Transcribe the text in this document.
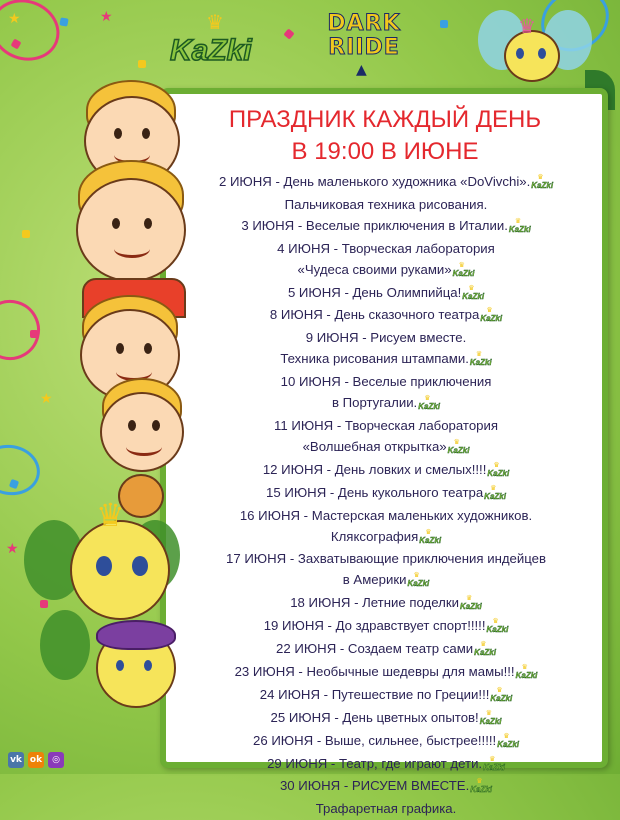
★	★
★
★
♛
KaZki
DARK
RIIDE
▲
♛
ПРАЗДНИК КАЖДЫЙ ДЕНЬ
В 19:00 В ИЮНЕ
2 ИЮНЯ - День маленького художника «DoVivchi».♛ KaZki
Пальчиковая техника рисования.
3 ИЮНЯ - Веселые приключения в Италии.♛ KaZki
4 ИЮНЯ - Творческая лаборатория
«Чудеса своими руками»♛ KaZki
5 ИЮНЯ - День Олимпийца!♛ KaZki
8 ИЮНЯ - День сказочного театра♛ KaZki
9 ИЮНЯ - Рисуем вместе.
Техника рисования штампами.♛ KaZki
10 ИЮНЯ - Веселые приключения
в Португалии.♛ KaZki
11 ИЮНЯ - Творческая лаборатория
«Волшебная открытка»♛ KaZki
12 ИЮНЯ - День ловких и смелых!!!!♛ KaZki
15 ИЮНЯ - День кукольного театра♛ KaZki
16 ИЮНЯ - Мастерская маленьких художников.
Кляксография♛ KaZki
17 ИЮНЯ - Захватывающие приключения индейцев
в Америки♛ KaZki
18 ИЮНЯ - Летние поделки♛ KaZki
19 ИЮНЯ - До здравствует спорт!!!!!♛ KaZki
22 ИЮНЯ - Создаем театр сами♛ KaZki
23 ИЮНЯ - Необычные шедевры для мамы!!!♛ KaZki
24 ИЮНЯ - Путешествие по Греции!!!♛ KaZki
25 ИЮНЯ - День цветных опытов!♛ KaZki
26 ИЮНЯ - Выше, сильнее, быстрее!!!!!♛ KaZki
29 ИЮНЯ - Театр, где играют дети.♛ KaZki
30 ИЮНЯ - РИСУЕМ ВМЕСТЕ.♛ KaZki
Трафаретная графика.
♛
vk ok	◎
